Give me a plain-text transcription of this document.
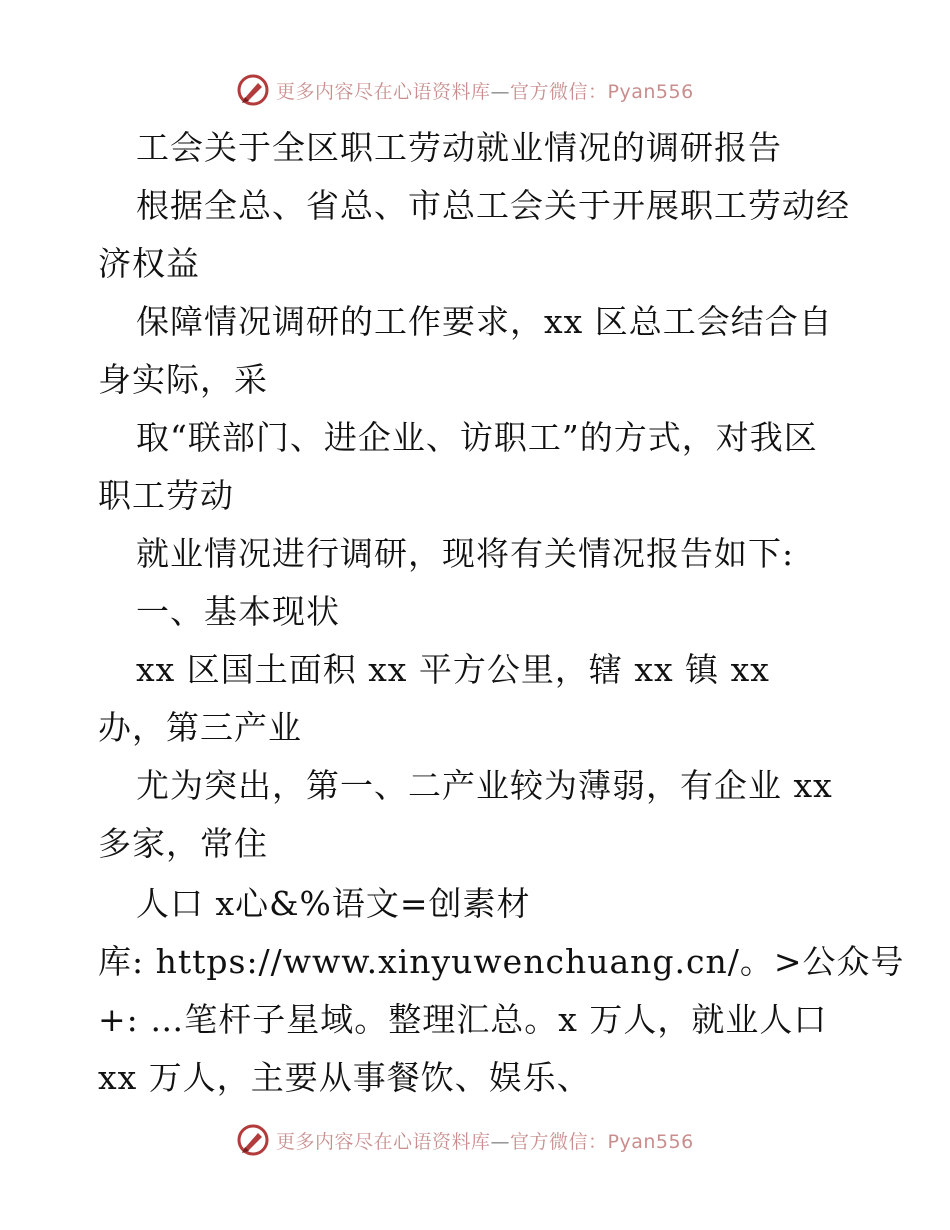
更多内容尽在心语资料库—官方微信：Pyan556
工会关于全区职工劳动就业情况的调研报告
根据全总、省总、市总工会关于开展职工劳动经
济权益
保障情况调研的工作要求，xx 区总工会结合自
身实际，采
取“联部门、进企业、访职工”的方式，对我区
职工劳动
就业情况进行调研，现将有关情况报告如下:
一、基本现状
xx 区国土面积 xx 平方公里，辖 xx 镇 xx
办，第三产业
尤为突出，第一、二产业较为薄弱，有企业 xx
多家，常住
人口 x心&%语文=创素材
库: https://www.xinyuwenchuang.cn/。>公众号
+: …笔杆子星域。整理汇总。x 万人，就业人口
xx 万人，主要从事餐饮、娱乐、
更多内容尽在心语资料库—官方微信：Pyan556
